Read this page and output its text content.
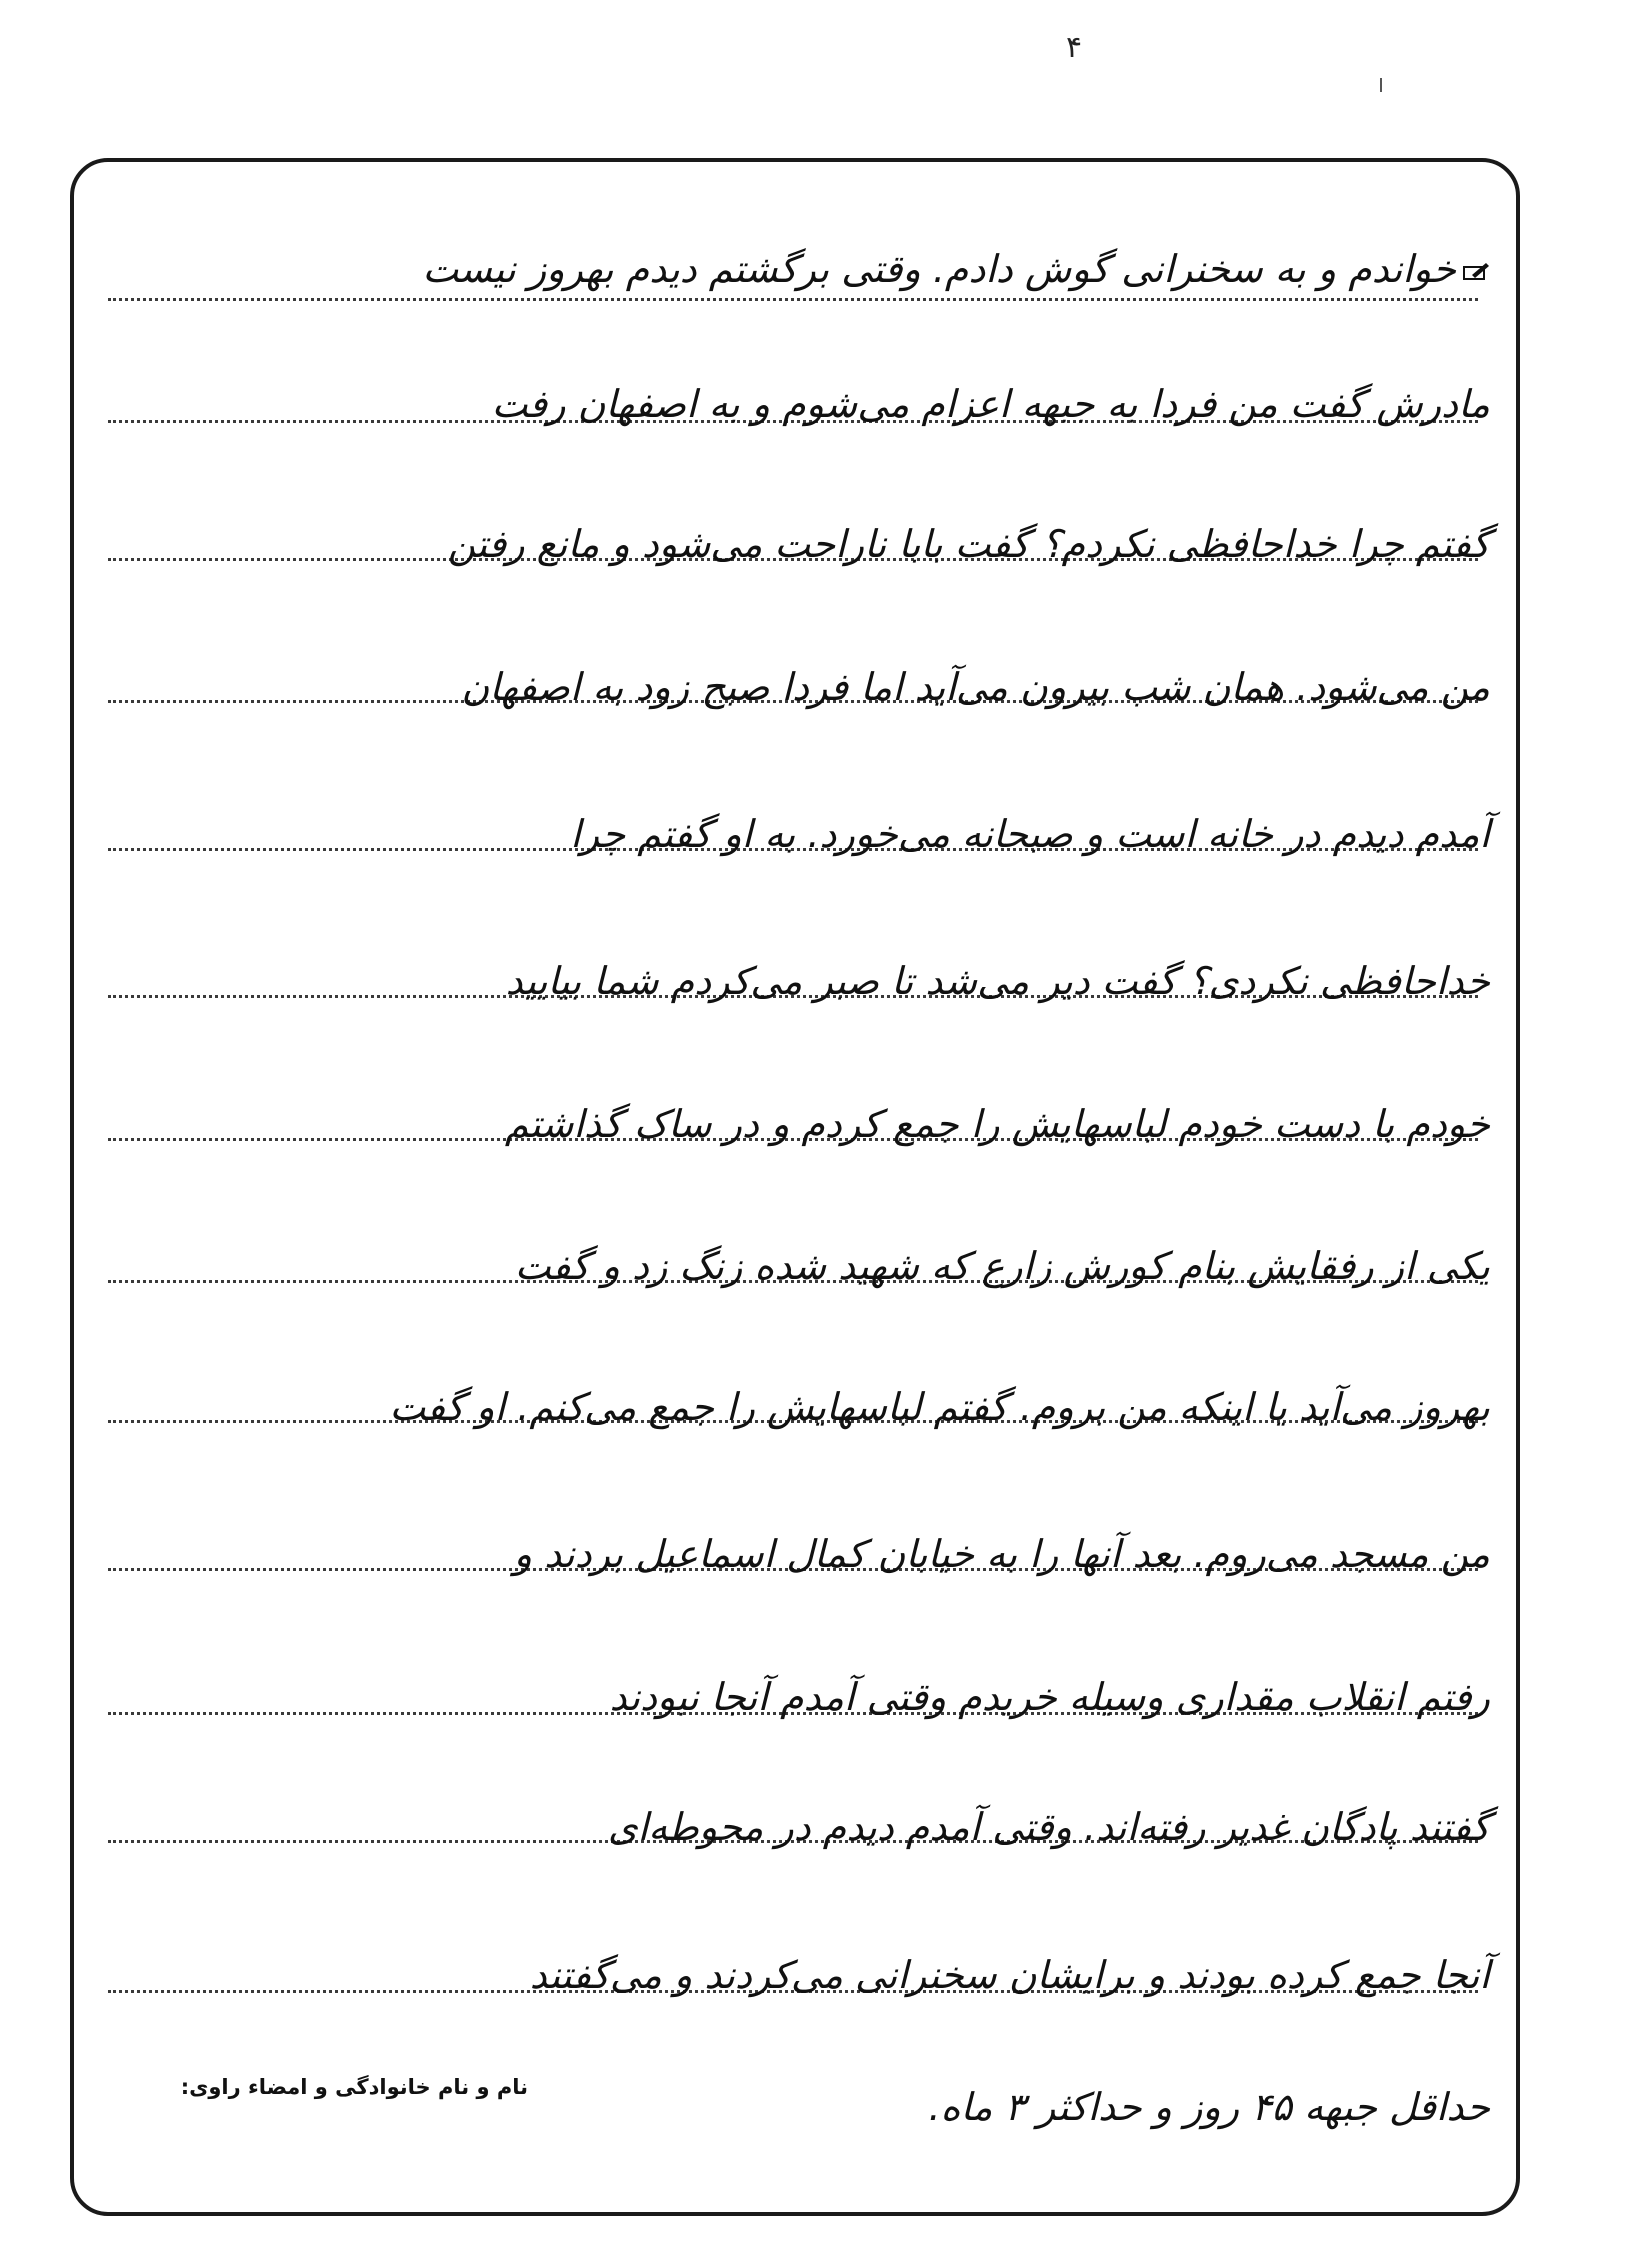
۴
خواندم و به سخنرانی گوش دادم. وقتی برگشتم دیدم بهروز نیست
مادرش گفت من فردا به جبهه اعزام می‌شوم و به اصفهان رفت
گفتم چرا خداحافظی نکردم؟ گفت بابا ناراحت می‌شود و مانع رفتن
من می‌شود. همان شب بیرون می‌آید اما فردا صبح زود به اصفهان
آمدم دیدم در خانه است و صبحانه می‌خورد. به او گفتم چرا
خداحافظی نکردی؟ گفت دیر می‌شد تا صبر می‌کردم شما بیایید
خودم با دست خودم لباسهایش را جمع کردم و در ساک گذاشتم
یکی از رفقایش بنام کورش زارع که شهید شده زنگ زد و گفت
بهروز می‌آید یا اینکه من بروم. گفتم لباسهایش را جمع می‌کنم. او گفت
من مسجد می‌روم. بعد آنها را به خیابان کمال اسماعیل بردند و
رفتم انقلاب مقداری وسیله خریدم وقتی آمدم آنجا نبودند
گفتند پادگان غدیر رفته‌اند. وقتی آمدم دیدم در محوطه‌ای
آنجا جمع کرده بودند و برایشان سخنرانی می‌کردند و می‌گفتند
حداقل جبهه ۴۵ روز و حداکثر ۳ ماه.
نام و نام خانوادگی و امضاء راوی:
